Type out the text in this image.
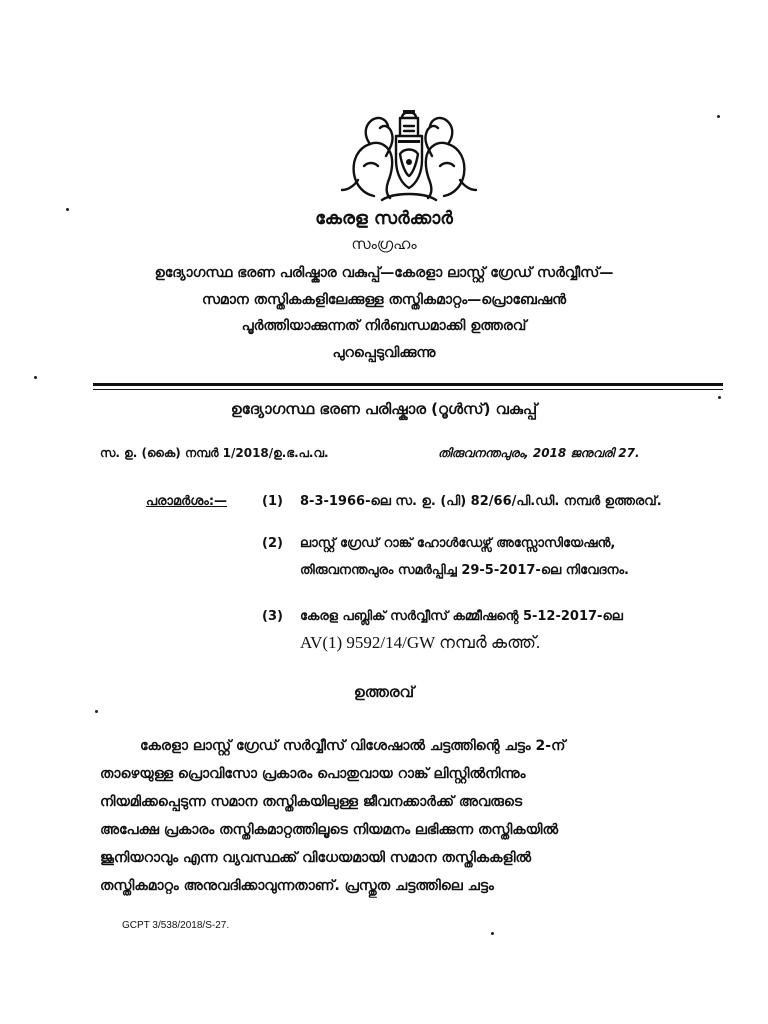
കേരള സർക്കാർ
സംഗ്രഹം
ഉദ്യോഗസ്ഥ ഭരണ പരിഷ്കാര വകുപ്പ്—കേരളാ ലാസ്റ്റ് ഗ്രേഡ് സർവ്വീസ്—
സമാന തസ്തികകളിലേക്കുള്ള തസ്തികമാറ്റം—പ്രൊബേഷൻ
പൂർത്തിയാക്കുന്നത് നിർബന്ധമാക്കി ഉത്തരവ്
പുറപ്പെടുവിക്കുന്നു
ഉദ്യോഗസ്ഥ ഭരണ പരിഷ്കാര (റൂൾസ്) വകുപ്പ്
സ. ഉ. (കൈ) നമ്പർ 1/2018/ഉ.ഭ.പ.വ.	തിരുവനന്തപുരം, 2018 ജനുവരി 27.
പരാമർശം:—	(1) 8-3-1966-ലെ സ. ഉ. (പി) 82/66/പി.ഡി. നമ്പർ ഉത്തരവ്.
(2) ലാസ്റ്റ് ഗ്രേഡ് റാങ്ക് ഹോൾഡേഴ്സ് അസ്സോസിയേഷൻ,
തിരുവനന്തപുരം സമർപ്പിച്ച 29-5-2017-ലെ നിവേദനം.
(3) കേരള പബ്ലിക് സർവ്വീസ് കമ്മീഷന്റെ 5-12-2017-ലെ
AV(1) 9592/14/GW നമ്പർ കത്ത്.
ഉത്തരവ്
കേരളാ ലാസ്റ്റ് ഗ്രേഡ് സർവ്വീസ് വിശേഷാൽ ചട്ടത്തിന്റെ ചട്ടം 2-ന്
താഴെയുള്ള പ്രൊവിസോ പ്രകാരം പൊതുവായ റാങ്ക് ലിസ്റ്റിൽനിന്നും
നിയമിക്കപ്പെടുന്ന സമാന തസ്തികയിലുള്ള ജീവനക്കാർക്ക് അവരുടെ
അപേക്ഷ പ്രകാരം തസ്തികമാറ്റത്തിലൂടെ നിയമനം ലഭിക്കുന്ന തസ്തികയിൽ
ജൂനിയറാവും എന്ന വ്യവസ്ഥക്ക് വിധേയമായി സമാന തസ്തികകളിൽ
തസ്തികമാറ്റം അനുവദിക്കാവുന്നതാണ്. പ്രസ്തുത ചട്ടത്തിലെ ചട്ടം
GCPT 3/538/2018/S-27.
